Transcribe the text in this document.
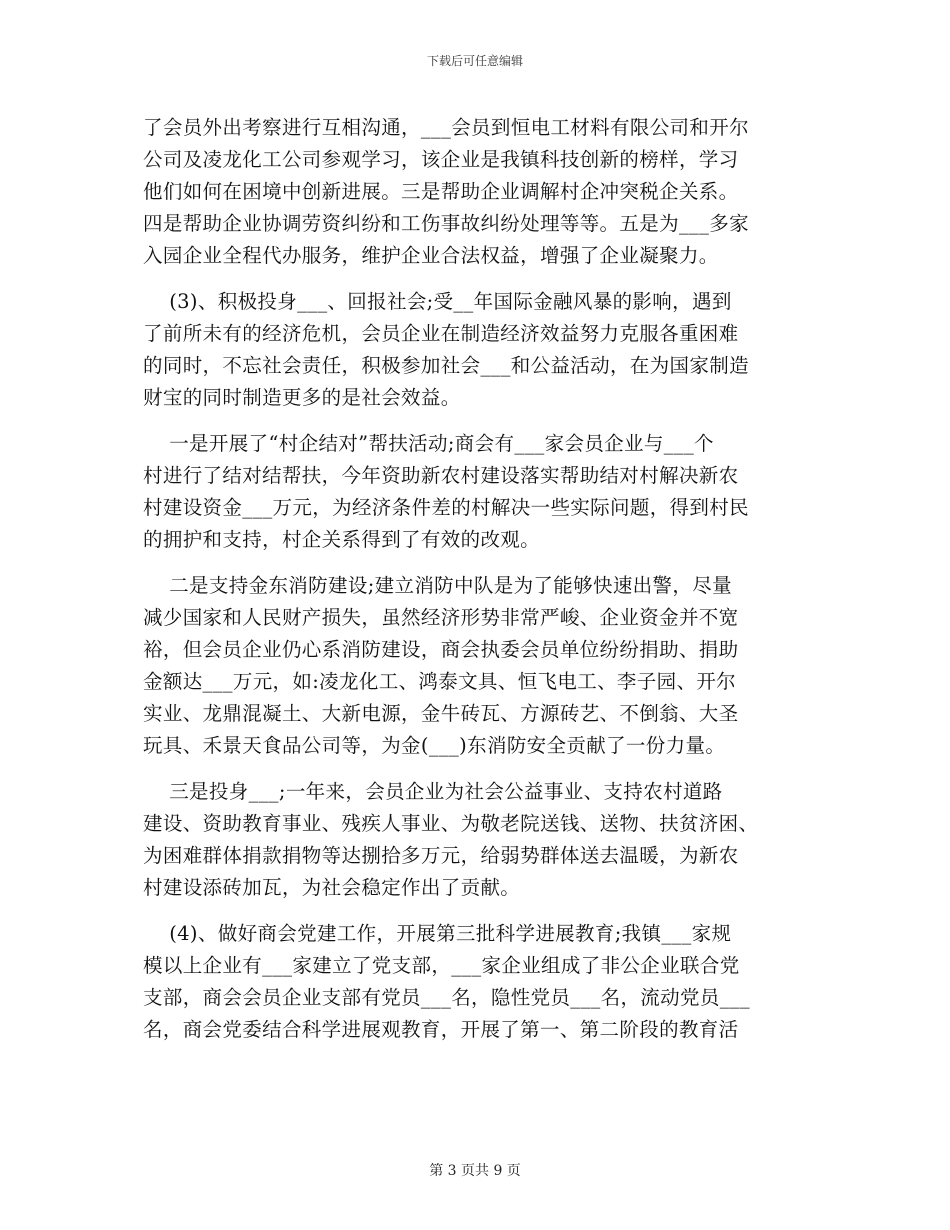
下载后可任意编辑
了会员外出考察进行互相沟通，___会员到恒电工材料有限公司和开尔
公司及凌龙化工公司参观学习，该企业是我镇科技创新的榜样，学习
他们如何在困境中创新进展。三是帮助企业调解村企冲突税企关系。
四是帮助企业协调劳资纠纷和工伤事故纠纷处理等等。五是为___多家
入园企业全程代办服务，维护企业合法权益，增强了企业凝聚力。
(3)、积极投身___、回报社会;受__年国际金融风暴的影响，遇到
了前所未有的经济危机，会员企业在制造经济效益努力克服各重困难
的同时，不忘社会责任，积极参加社会___和公益活动，在为国家制造
财宝的同时制造更多的是社会效益。
一是开展了“村企结对”帮扶活动;商会有___家会员企业与___个
村进行了结对结帮扶，今年资助新农村建设落实帮助结对村解决新农
村建设资金___万元，为经济条件差的村解决一些实际问题，得到村民
的拥护和支持，村企关系得到了有效的改观。
二是支持金东消防建设;建立消防中队是为了能够快速出警，尽量
减少国家和人民财产损失，虽然经济形势非常严峻、企业资金并不宽
裕，但会员企业仍心系消防建设，商会执委会员单位纷纷捐助、捐助
金额达___万元，如:凌龙化工、鸿泰文具、恒飞电工、李子园、开尔
实业、龙鼎混凝土、大新电源，金牛砖瓦、方源砖艺、不倒翁、大圣
玩具、禾景天食品公司等，为金(___)东消防安全贡献了一份力量。
三是投身___;一年来，会员企业为社会公益事业、支持农村道路
建设、资助教育事业、残疾人事业、为敬老院送钱、送物、扶贫济困、
为困难群体捐款捐物等达捌拾多万元，给弱势群体送去温暖，为新农
村建设添砖加瓦，为社会稳定作出了贡献。
(4)、做好商会党建工作，开展第三批科学进展教育;我镇___家规
模以上企业有___家建立了党支部，___家企业组成了非公企业联合党
支部，商会会员企业支部有党员___名，隐性党员___名，流动党员___
名，商会党委结合科学进展观教育，开展了第一、第二阶段的教育活
第 3 页共 9 页
